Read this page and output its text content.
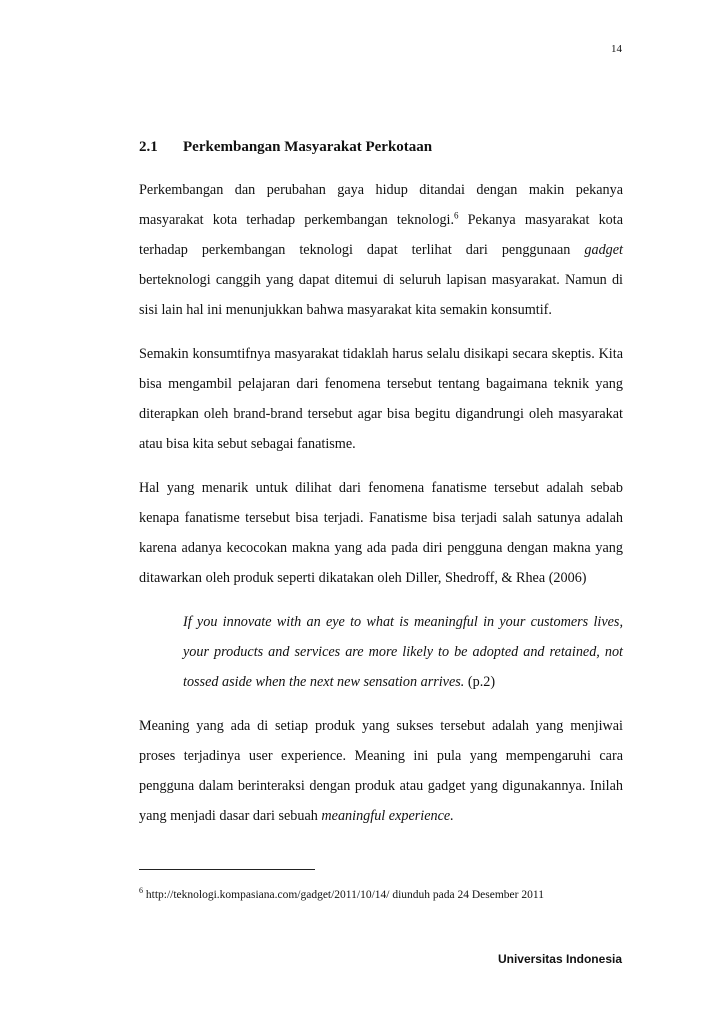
14
2.1 Perkembangan Masyarakat Perkotaan

Perkembangan dan perubahan gaya hidup ditandai dengan makin pekanya masyarakat kota terhadap perkembangan teknologi.$^6$ Pekanya masyarakat kota terhadap perkembangan teknologi dapat terlihat dari penggunaan gadget berteknologi canggih yang dapat ditemui di seluruh lapisan masyarakat. Namun di sisi lain hal ini menunjukkan bahwa masyarakat kita semakin konsumtif.

Semakin konsumtifnya masyarakat tidaklah harus selalu disikapi secara skeptis. Kita bisa mengambil pelajaran dari fenomena tersebut tentang bagaimana teknik yang diterapkan oleh brand-brand tersebut agar bisa begitu digandrungi oleh masyarakat atau bisa kita sebut sebagai fanatisme.

Hal yang menarik untuk dilihat dari fenomena fanatisme tersebut adalah sebab kenapa fanatisme tersebut bisa terjadi. Fanatisme bisa terjadi salah satunya adalah karena adanya kecocokan makna yang ada pada diri pengguna dengan makna yang ditawarkan oleh produk seperti dikatakan oleh Diller, Shedroff, & Rhea (2006)

If you innovate with an eye to what is meaningful in your customers lives, your products and services are more likely to be adopted and retained, not tossed aside when the next new sensation arrives. (p.2)

Meaning yang ada di setiap produk yang sukses tersebut adalah yang menjiwai proses terjadinya user experience. Meaning ini pula yang mempengaruhi cara pengguna dalam berinteraksi dengan produk atau gadget yang digunakannya. Inilah yang menjadi dasar dari sebuah meaningful experience.

$^6$ http://teknologi.kompasiana.com/gadget/2011/10/14/ diunduh pada 24 Desember 2011
Universitas Indonesia
